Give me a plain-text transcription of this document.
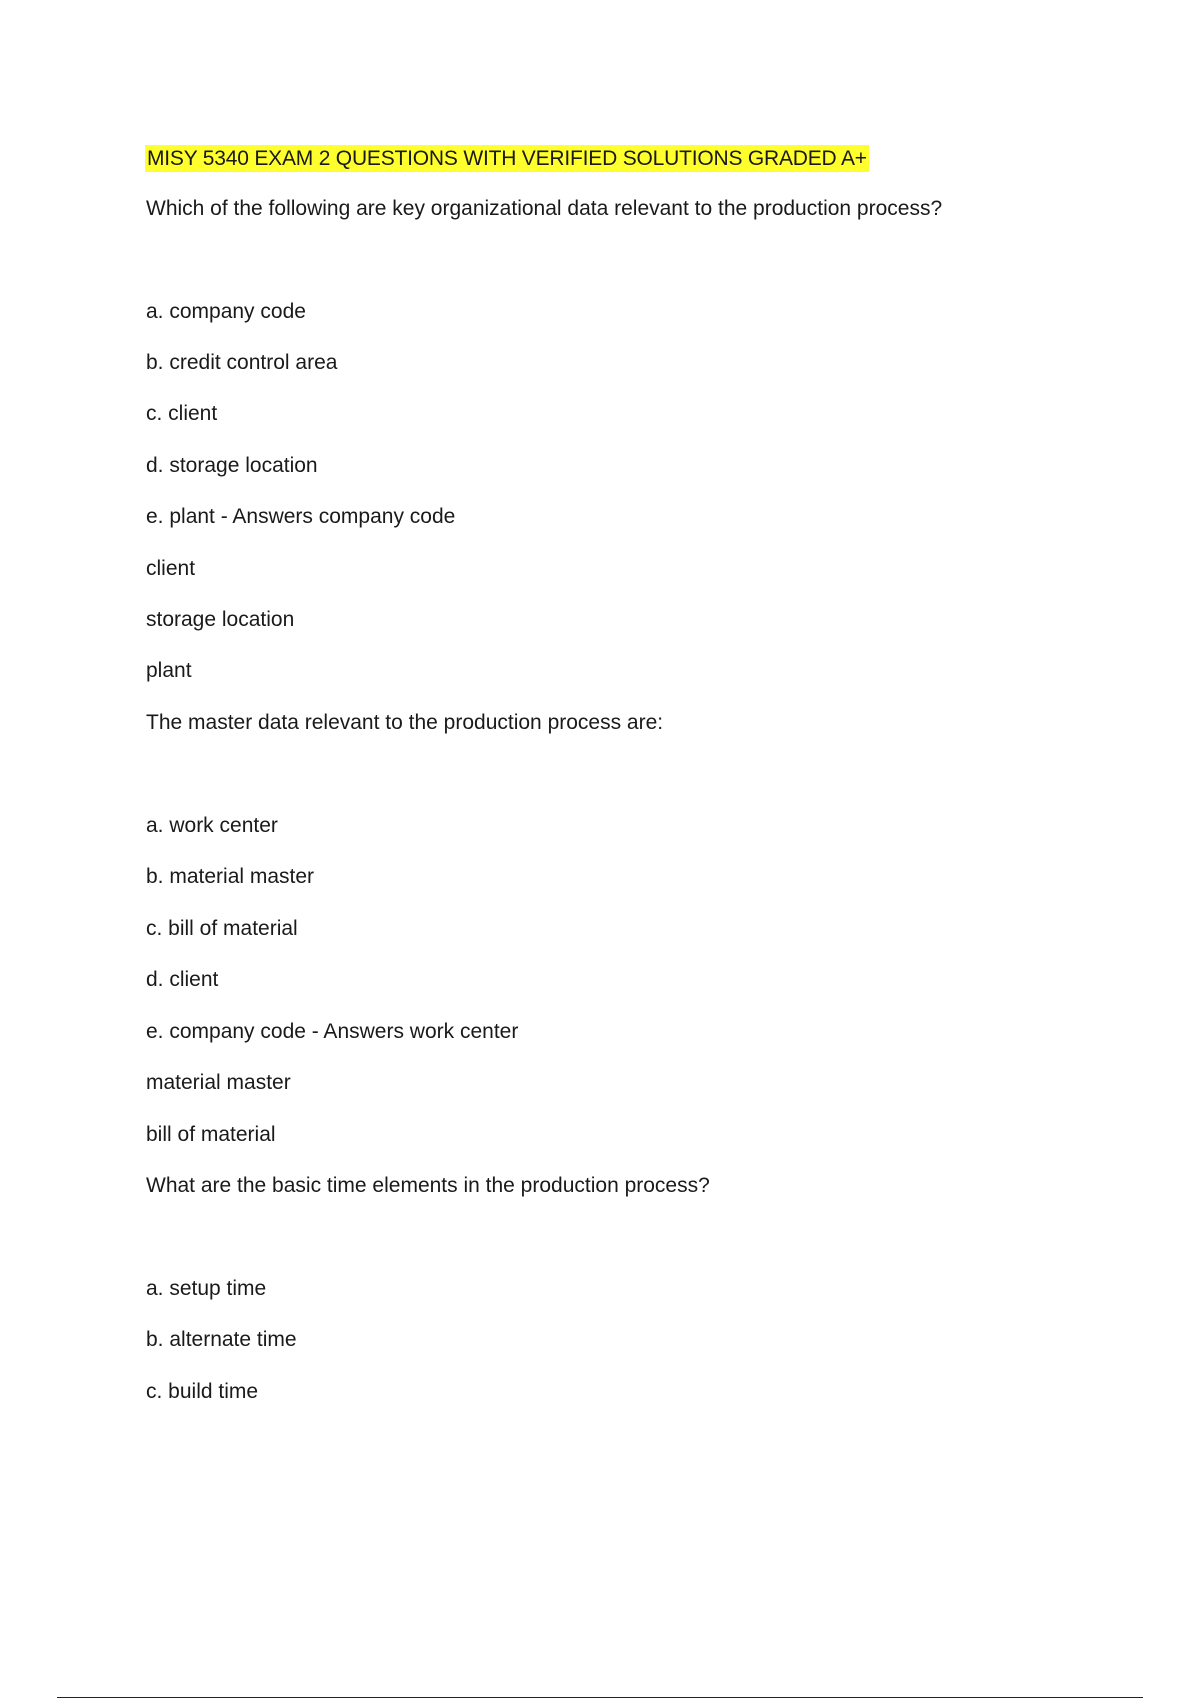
MISY 5340 EXAM 2 QUESTIONS WITH VERIFIED SOLUTIONS GRADED A+
Which of the following are key organizational data relevant to the production process?
a. company code
b. credit control area
c. client
d. storage location
e. plant - Answers company code
client
storage location
plant
The master data relevant to the production process are:
a. work center
b. material master
c. bill of material
d. client
e. company code - Answers work center
material master
bill of material
What are the basic time elements in the production process?
a. setup time
b. alternate time
c. build time
